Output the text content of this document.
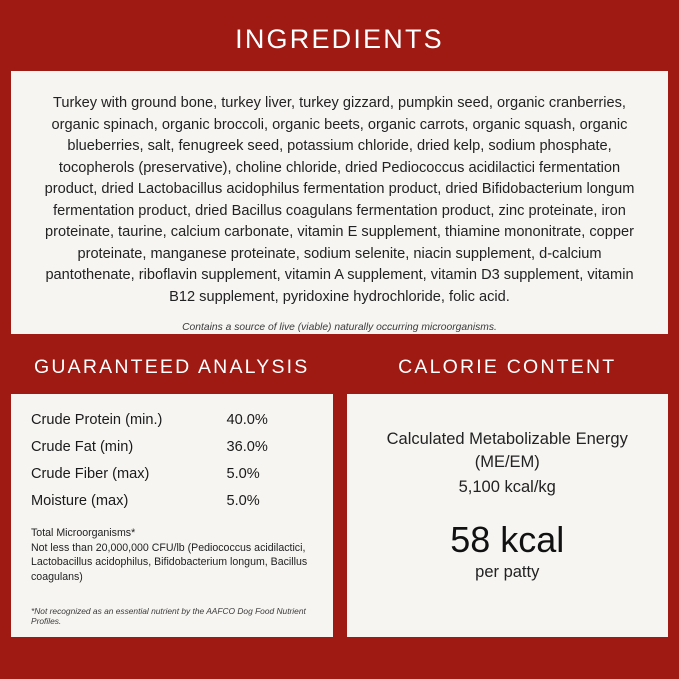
INGREDIENTS
Turkey with ground bone, turkey liver, turkey gizzard, pumpkin seed, organic cranberries, organic spinach, organic broccoli, organic beets, organic carrots, organic squash, organic blueberries, salt, fenugreek seed, potassium chloride, dried kelp, sodium phosphate, tocopherols (preservative), choline chloride, dried Pediococcus acidilactici fermentation product, dried Lactobacillus acidophilus fermentation product, dried Bifidobacterium longum fermentation product, dried Bacillus coagulans fermentation product, zinc proteinate, iron proteinate, taurine, calcium carbonate, vitamin E supplement, thiamine mononitrate, copper proteinate, manganese proteinate, sodium selenite, niacin supplement, d-calcium pantothenate, riboflavin supplement, vitamin A supplement, vitamin D3 supplement, vitamin B12 supplement, pyridoxine hydrochloride, folic acid.
Contains a source of live (viable) naturally occurring microorganisms.
GUARANTEED ANALYSIS
Crude Protein (min.)	40.0%
Crude Fat (min)	36.0%
Crude Fiber (max)	5.0%
Moisture (max)	5.0%
Total Microorganisms*
Not less than 20,000,000 CFU/lb (Pediococcus acidilactici, Lactobacillus acidophilus, Bifidobacterium longum, Bacillus coagulans)
*Not recognized as an essential nutrient by the AAFCO Dog Food Nutrient Profiles.
CALORIE CONTENT
Calculated Metabolizable Energy (ME/EM)
5,100 kcal/kg
58 kcal
per patty
